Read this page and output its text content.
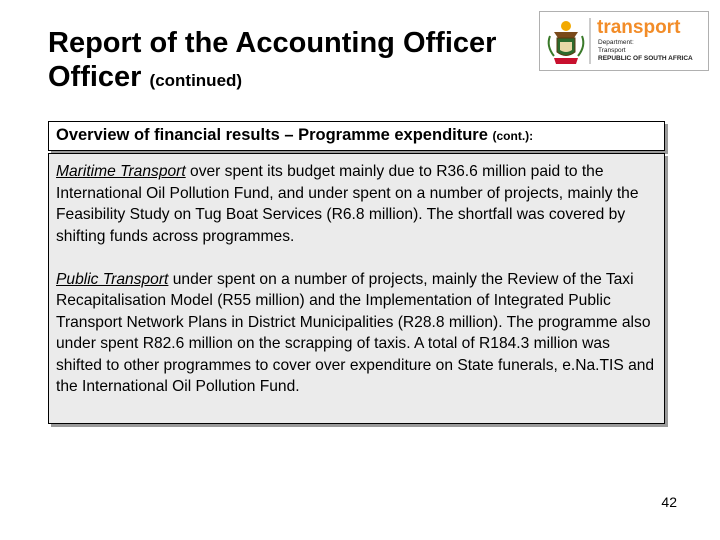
Report of the Accounting Officer
Officer (continued)
transport
Department:
Transport
REPUBLIC OF SOUTH AFRICA
Overview of financial results – Programme expenditure (cont.):

Maritime Transport over spent its budget mainly due to R36.6 million paid to the International Oil Pollution Fund, and under spent on a number of projects, mainly the Feasibility Study on Tug Boat Services (R6.8 million). The shortfall was covered by shifting funds across programmes.

Public Transport under spent on a number of projects, mainly the Review of the Taxi Recapitalisation Model (R55 million) and the Implementation of Integrated Public Transport Network Plans in District Municipalities (R28.8 million). The programme also under spent R82.6 million on the scrapping of taxis. A total of R184.3 million was shifted to other programmes to cover over expenditure on State funerals, e.Na.TIS and the International Oil Pollution Fund.

42
